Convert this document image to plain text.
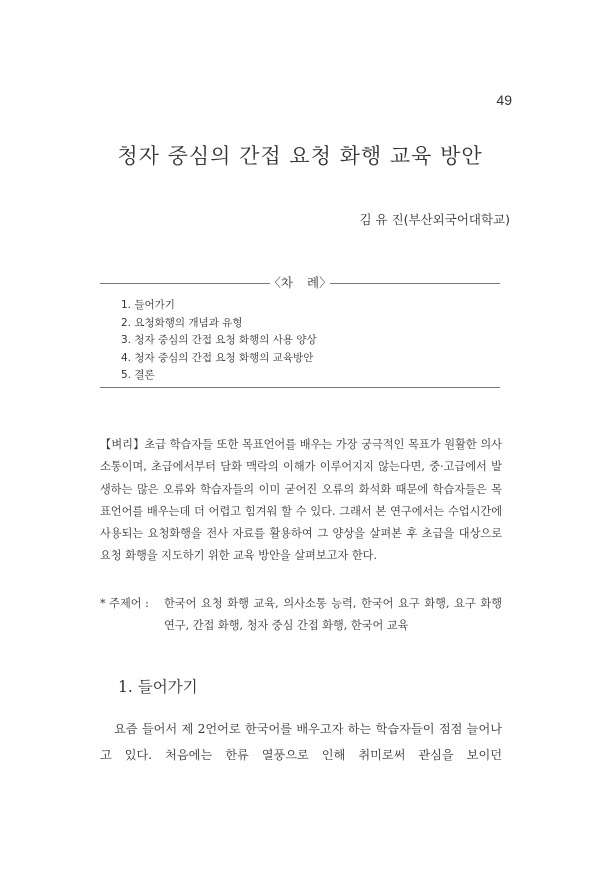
49
청자 중심의 간접 요청 화행 교육 방안
김 유 진(부산외국어대학교)
〈차 례〉
1. 들어가기
2. 요청화행의 개념과 유형
3. 청자 중심의 간접 요청 화행의 사용 양상
4. 청자 중심의 간접 요청 화행의 교육방안
5. 결론
【벼리】초급 학습자들 또한 목표언어를 배우는 가장 궁극적인 목표가 원활한 의사소통이며, 초급에서부터 담화 맥락의 이해가 이루어지지 않는다면, 중·고급에서 발생하는 많은 오류와 학습자들의 이미 굳어진 오류의 화석화 때문에 학습자들은 목표언어를 배우는데 더 어렵고 힘겨워 할 수 있다. 그래서 본 연구에서는 수업시간에 사용되는 요청화행을 전사 자료를 활용하여 그 양상을 살펴본 후 초급을 대상으로 요청 화행을 지도하기 위한 교육 방안을 살펴보고자 한다.
* 주제어 : 한국어 요청 화행 교육, 의사소통 능력, 한국어 요구 화행, 요구 화행 연구, 간접 화행, 청자 중심 간접 화행, 한국어 교육
1. 들어가기
요즘 들어서 제 2언어로 한국어를 배우고자 하는 학습자들이 점점 늘어나고 있다. 처음에는 한류 열풍으로 인해 취미로써 관심을 보이던
